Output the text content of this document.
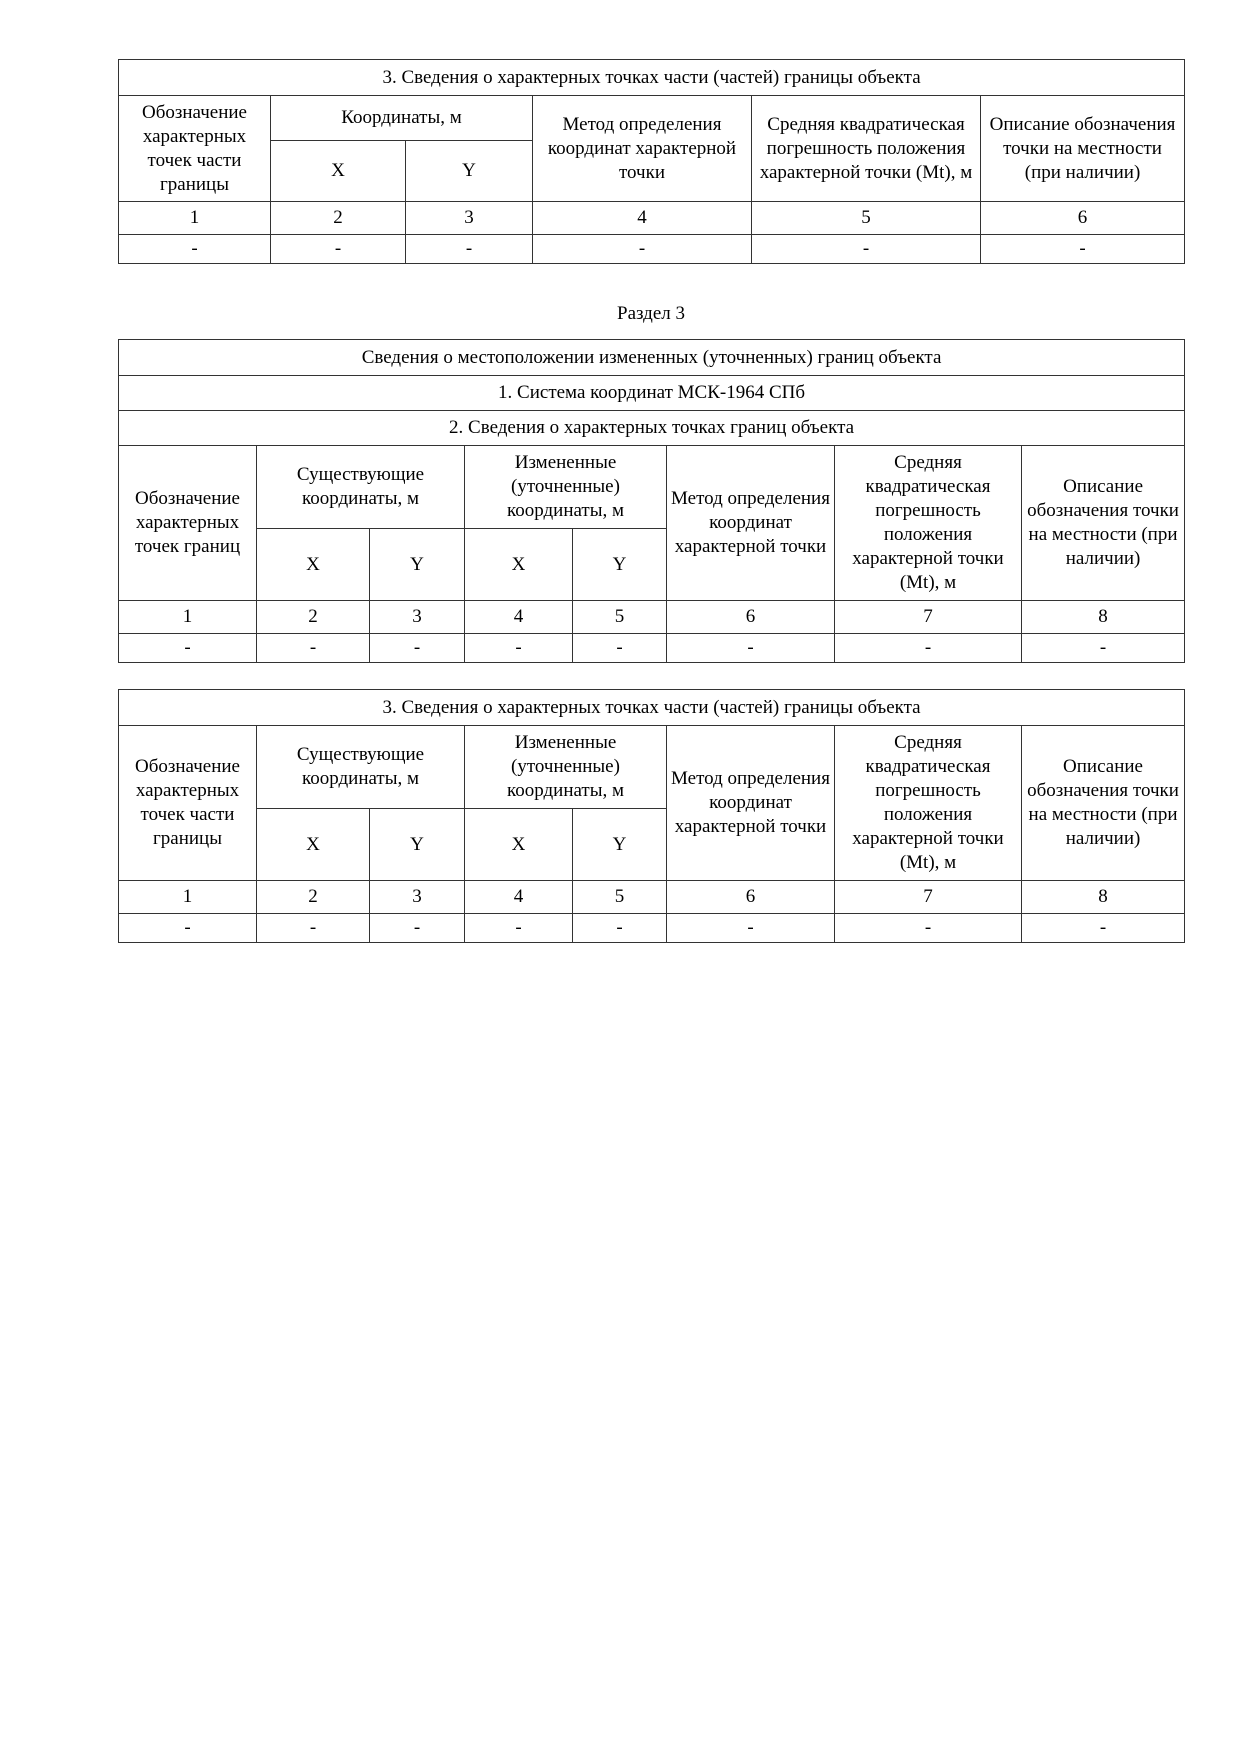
3. Сведения о характерных точках части (частей) границы объекта					
Обозначение характерных точек части границы	Координаты, м		Метод определения координат характерной точки	Средняя квадратическая погрешность положения характерной точки (Mt), м	Описание обозначения точки на местности (при наличии)
	X	Y			
1	2	3	4	5	6
-	-	-	-	-	-
Раздел 3
Сведения о местоположении измененных (уточненных) границ объекта							
1. Система координат МСК-1964 СПб							
2. Сведения о характерных точках границ объекта							
Обозначение характерных точек границ	Существующие координаты, м		Измененные (уточненные) координаты, м		Метод определения координат характерной точки	Средняя квадратическая погрешность положения характерной точки (Mt), м	Описание обозначения точки на местности (при наличии)
	X	Y	X	Y			
1	2	3	4	5	6	7	8
-	-	-	-	-	-	-	-
3. Сведения о характерных точках части (частей) границы объекта							
Обозначение характерных точек части границы	Существующие координаты, м		Измененные (уточненные) координаты, м		Метод определения координат характерной точки	Средняя квадратическая погрешность положения характерной точки (Mt), м	Описание обозначения точки на местности (при наличии)
	X	Y	X	Y			
1	2	3	4	5	6	7	8
-	-	-	-	-	-	-	-
